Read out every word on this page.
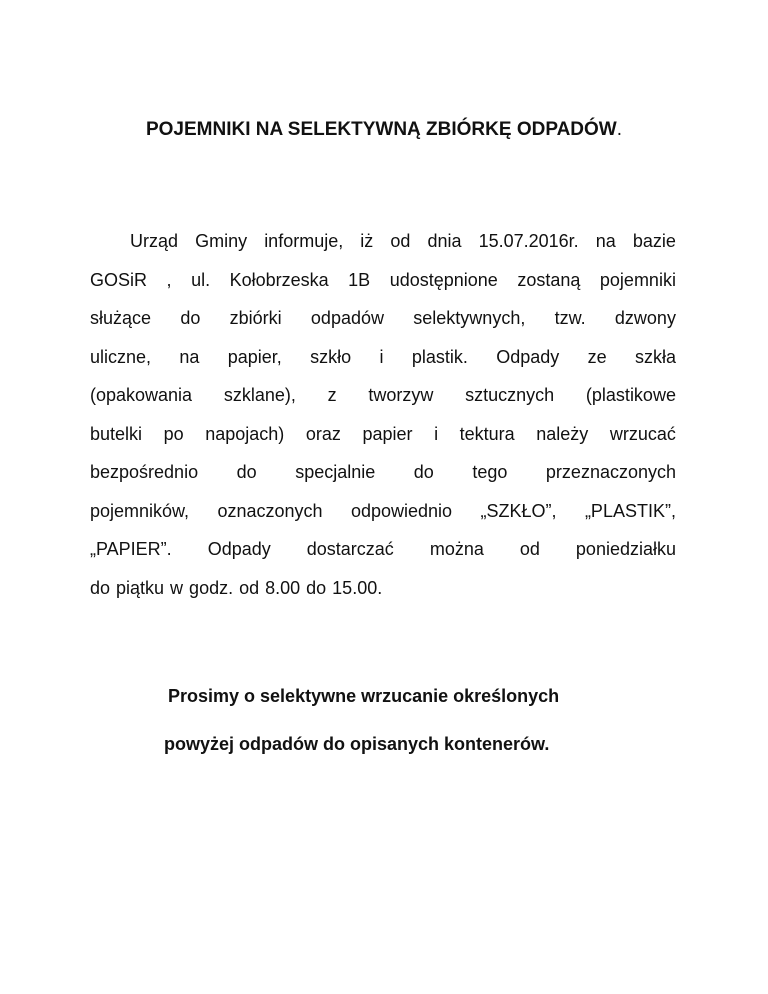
POJEMNIKI NA SELEKTYWNĄ ZBIÓRKĘ ODPADÓW.
Urząd Gminy informuje, iż od dnia 15.07.2016r. na bazie
GOSiR , ul. Kołobrzeska 1B udostępnione zostaną pojemniki
służące do zbiórki odpadów selektywnych, tzw. dzwony
uliczne, na papier, szkło i plastik. Odpady ze szkła
(opakowania szklane), z tworzyw sztucznych (plastikowe
butelki po napojach) oraz papier i tektura należy wrzucać
bezpośrednio do specjalnie do tego przeznaczonych
pojemników, oznaczonych odpowiednio „SZKŁO”, „PLASTIK”,
„PAPIER”. Odpady dostarczać można od poniedziałku
do piątku w godz. od 8.00 do 15.00.
Prosimy o selektywne wrzucanie określonych
powyżej odpadów do opisanych kontenerów.
